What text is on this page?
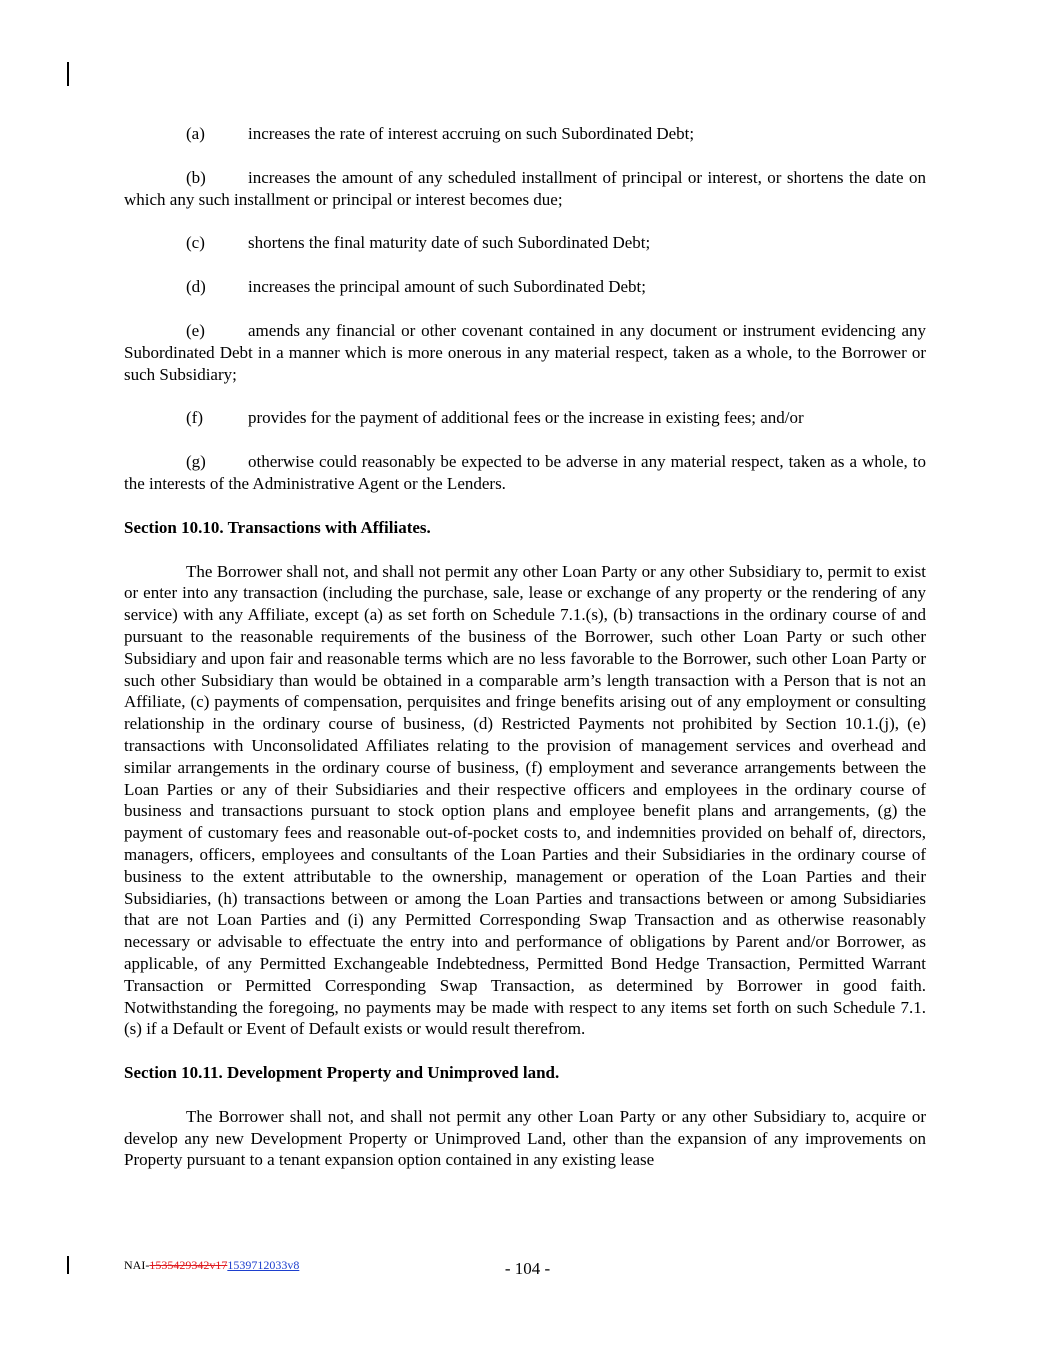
(a)	increases the rate of interest accruing on such Subordinated Debt;

(b) increases the amount of any scheduled installment of principal or interest, or shortens the date on which any such installment or principal or interest becomes due;

(c)	shortens the final maturity date of such Subordinated Debt;

(d) increases the principal amount of such Subordinated Debt;

(e)	amends any financial or other covenant contained in any document or instrument evidencing any Subordinated Debt in a manner which is more onerous in any material respect, taken as a whole, to the Borrower or such Subsidiary;

(f)	provides for the payment of additional fees or the increase in existing fees; and/or

(g) otherwise could reasonably be expected to be adverse in any material respect, taken as a whole, to the interests of the Administrative Agent or the Lenders.

Section 10.10. Transactions with Affiliates.

The Borrower shall not, and shall not permit any other Loan Party or any other Subsidiary to, permit to exist or enter into any transaction (including the purchase, sale, lease or exchange of any property or the rendering of any service) with any Affiliate, except (a) as set forth on Schedule 7.1.(s), (b) transactions in the ordinary course of and pursuant to the reasonable requirements of the business of the Borrower, such other Loan Party or such other Subsidiary and upon fair and reasonable terms which are no less favorable to the Borrower, such other Loan Party or such other Subsidiary than would be obtained in a comparable arm’s length transaction with a Person that is not an Affiliate, (c) payments of compensation, perquisites and fringe benefits arising out of any employment or consulting relationship in the ordinary course of business, (d) Restricted Payments not prohibited by Section 10.1.(j), (e) transactions with Unconsolidated Affiliates relating to the provision of management services and overhead and similar arrangements in the ordinary course of business, (f) employment and severance arrangements between the Loan Parties or any of their Subsidiaries and their respective officers and employees in the ordinary course of business and transactions pursuant to stock option plans and employee benefit plans and arrangements, (g) the payment of customary fees and reasonable out-of-pocket costs to, and indemnities provided on behalf of, directors, managers, officers, employees and consultants of the Loan Parties and their Subsidiaries in the ordinary course of business to the extent attributable to the ownership, management or operation of the Loan Parties and their Subsidiaries, (h) transactions between or among the Loan Parties and transactions between or among Subsidiaries that are not Loan Parties and (i) any Permitted Corresponding Swap Transaction and as otherwise reasonably necessary or advisable to effectuate the entry into and performance of obligations by Parent and/or Borrower, as applicable, of any Permitted Exchangeable Indebtedness, Permitted Bond Hedge Transaction, Permitted Warrant Transaction or Permitted Corresponding Swap Transaction, as determined by Borrower in good faith. Notwithstanding the foregoing, no payments may be made with respect to any items set forth on such Schedule 7.1.(s) if a Default or Event of Default exists or would result therefrom.

Section 10.11. Development Property and Unimproved land.

The Borrower shall not, and shall not permit any other Loan Party or any other Subsidiary to, acquire or develop any new Development Property or Unimproved Land, other than the expansion of any improvements on Property pursuant to a tenant expansion option contained in any existing lease

NAI-1535429342v171539712033v8	- 104 -
